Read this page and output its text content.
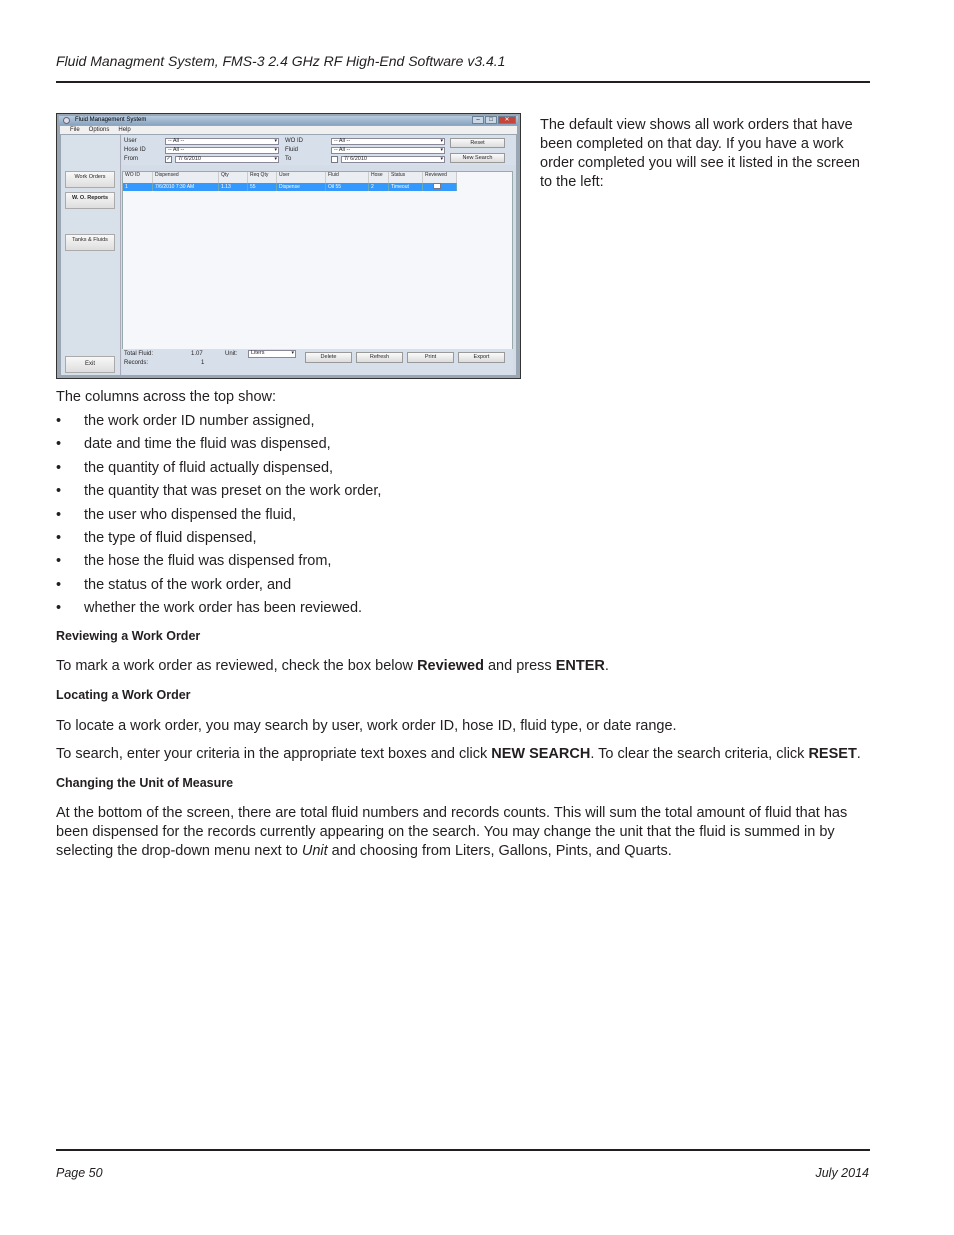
Fluid Managment System, FMS-3 2.4 GHz RF High-End Software v3.4.1
Fluid Management System	–	□	✕
File Options Help
Work Orders
W. O. Reports
Tanks & Fluids
Exit
User	-- All -- ▾
Hose ID	-- All -- ▾
From	✓	7/ 6/2010 ▾
WO ID	-- All -- ▾
Fluid	-- All -- ▾
To	7/ 6/2010 ▾
Reset
New Search
WO ID	Dispensed	Qty	Req Qty	User	Fluid	Hose	Status	Reviewed
1	7/6/2010 7:30 AM	1.13	55	Dispense	Oil 55	2	Timeout
Total Fluid:	1.07	Unit:	Liters ▾
Records:	1
Delete	Refresh	Print	Export
The default view shows all work orders that have been completed on that day. If you have a work order completed you will see it listed in the screen to the left:
The columns across the top show:
• the work order ID number assigned,
• date and time the fluid was dispensed,
• the quantity of fluid actually dispensed,
• the quantity that was preset on the work order,
• the user who dispensed the fluid,
• the type of fluid dispensed,
• the hose the fluid was dispensed from,
• the status of the work order, and
• whether the work order has been reviewed.
Reviewing a Work Order
To mark a work order as reviewed, check the box below Reviewed and press ENTER.
Locating a Work Order
To locate a work order, you may search by user, work order ID, hose ID, fluid type, or date range.
To search, enter your criteria in the appropriate text boxes and click NEW SEARCH. To clear the search criteria, click RESET.
Changing the Unit of Measure
At the bottom of the screen, there are total fluid numbers and records counts. This will sum the total amount of fluid that has been dispensed for the records currently appearing on the search. You may change the unit that the fluid is summed in by selecting the drop-down menu next to Unit and choosing from Liters, Gallons, Pints, and Quarts.
Page 50	July 2014
